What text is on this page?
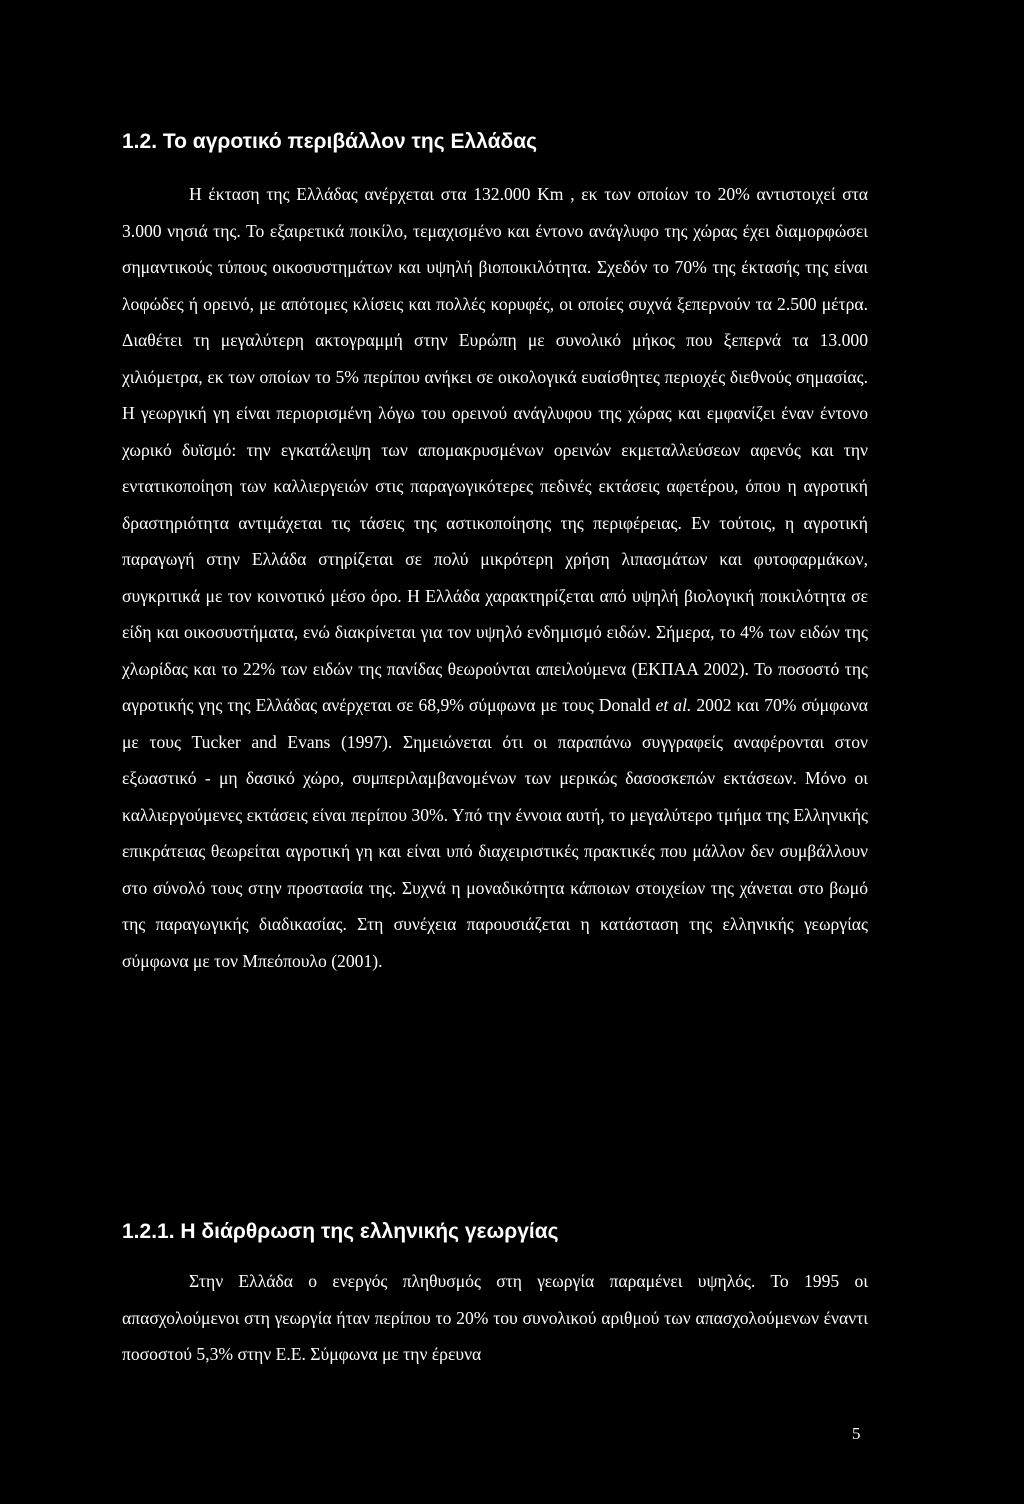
1.2. Το αγροτικό περιβάλλον της Ελλάδας

Η έκταση της Ελλάδας ανέρχεται στα 132.000 Km , εκ των οποίων το 20% αντιστοιχεί στα 3.000 νησιά της. Το εξαιρετικά ποικίλο, τεμαχισμένο και έντονο ανάγλυφο της χώρας έχει διαμορφώσει σημαντικούς τύπους οικοσυστημάτων και υψηλή βιοποικιλότητα. Σχεδόν το 70% της έκτασής της είναι λοφώδες ή ορεινό, με απότομες κλίσεις και πολλές κορυφές, οι οποίες συχνά ξεπερνούν τα 2.500 μέτρα. Διαθέτει τη μεγαλύτερη ακτογραμμή στην Ευρώπη με συνολικό μήκος που ξεπερνά τα 13.000 χιλιόμετρα, εκ των οποίων το 5% περίπου ανήκει σε οικολογικά ευαίσθητες περιοχές διεθνούς σημασίας. Η γεωργική γη είναι περιορισμένη λόγω του ορεινού ανάγλυφου της χώρας και εμφανίζει έναν έντονο χωρικό δυϊσμό: την εγκατάλειψη των απομακρυσμένων ορεινών εκμεταλλεύσεων αφενός και την εντατικοποίηση των καλλιεργειών στις παραγωγικότερες πεδινές εκτάσεις αφετέρου, όπου η αγροτική δραστηριότητα αντιμάχεται τις τάσεις της αστικοποίησης της περιφέρειας. Εν τούτοις, η αγροτική παραγωγή στην Ελλάδα στηρίζεται σε πολύ μικρότερη χρήση λιπασμάτων και φυτοφαρμάκων, συγκριτικά με τον κοινοτικό μέσο όρο. Η Ελλάδα χαρακτηρίζεται από υψηλή βιολογική ποικιλότητα σε είδη και οικοσυστήματα, ενώ διακρίνεται για τον υψηλό ενδημισμό ειδών. Σήμερα, το 4% των ειδών της χλωρίδας και το 22% των ειδών της πανίδας θεωρούνται απειλούμενα (ΕΚΠΑΑ 2002). Το ποσοστό της αγροτικής γης της Ελλάδας ανέρχεται σε 68,9% σύμφωνα με τους Donald et al. 2002 και 70% σύμφωνα με τους Tucker and Evans (1997). Σημειώνεται ότι οι παραπάνω συγγραφείς αναφέρονται στον εξωαστικό - μη δασικό χώρο, συμπεριλαμβανομένων των μερικώς δασοσκεπών εκτάσεων. Μόνο οι καλλιεργούμενες εκτάσεις είναι περίπου 30%. Υπό την έννοια αυτή, το μεγαλύτερο τμήμα της Ελληνικής επικράτειας θεωρείται αγροτική γη και είναι υπό διαχειριστικές πρακτικές που μάλλον δεν συμβάλλουν στο σύνολό τους στην προστασία της. Συχνά η μοναδικότητα κάποιων στοιχείων της χάνεται στο βωμό της παραγωγικής διαδικασίας. Στη συνέχεια παρουσιάζεται η κατάσταση της ελληνικής γεωργίας σύμφωνα με τον Μπεόπουλο (2001).

1.2.1. Η διάρθρωση της ελληνικής γεωργίας

Στην Ελλάδα ο ενεργός πληθυσμός στη γεωργία παραμένει υψηλός. Το 1995 οι απασχολούμενοι στη γεωργία ήταν περίπου το 20% του συνολικού αριθμού των απασχολούμενων έναντι ποσοστού 5,3% στην Ε.Ε. Σύμφωνα με την έρευνα

5
